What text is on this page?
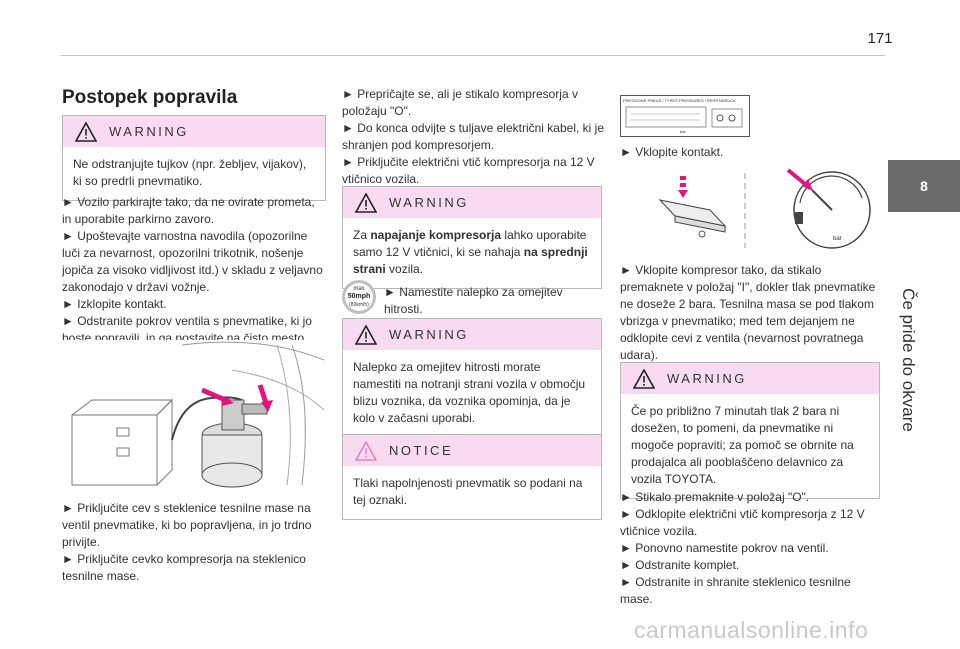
171
8
Če pride do okvare
Postopek popravila
WARNING
Ne odstranjujte tujkov (npr. žebljev, vijakov), ki so predrli pnevmatiko.

► Vozilo parkirajte tako, da ne ovirate prometa, in uporabite parkirno zavoro.

► Upoštevajte varnostna navodila (opozorilne luči za nevarnost, opozorilni trikotnik, nošenje jopiča za visoko vidljivost itd.) v skladu z veljavno zakonodajo v državi vožnje.

► Izklopite kontakt.

► Odstranite pokrov ventila s pnevmatike, ki jo boste popravili, in ga postavite na čisto mesto.

► Priključite cev s steklenice tesnilne mase na ventil pnevmatike, ki bo popravljena, in jo trdno privijte.

► Priključite cevko kompresorja na steklenico tesnilne mase.

► Prepričajte se, ali je stikalo kompresorja v položaju "O".

► Do konca odvijte s tuljave električni kabel, ki je shranjen pod kompresorjem.

► Priključite električni vtič kompresorja na 12 V vtičnico vozila.

WARNING
Za napajanje kompresorja lahko uporabite samo 12 V vtičnici, ki se nahaja na sprednji strani vozila.
max
50mph
(80km/h)

► Namestite nalepko za omejitev hitrosti.

WARNING
Nalepko za omejitev hitrosti morate namestiti na notranji strani vozila v območju blizu voznika, da voznika opominja, da je kolo v začasni uporabi.
NOTICE
Tlaki napolnjenosti pnevmatik so podani na tej oznaki.
PRESSIONS PNEUS / TYRES PRESSURES / REIFENDRUCK
bar

► Vklopite kontakt.

bar

► Vklopite kompresor tako, da stikalo premaknete v položaj "I", dokler tlak pnevmatike ne doseže 2 bara. Tesnilna masa se pod tlakom vbrizga v pnevmatiko; med tem dejanjem ne odklopite cevi z ventila (nevarnost povratnega udara).

WARNING
Če po približno 7 minutah tlak 2 bara ni dosežen, to pomeni, da pnevmatike ni mogoče popraviti; za pomoč se obrnite na prodajalca ali pooblaščeno delavnico za vozila TOYOTA.

► Stikalo premaknite v položaj "O".

► Odklopite električni vtič kompresorja z 12 V vtičnice vozila.

► Ponovno namestite pokrov na ventil.

► Odstranite komplet.

► Odstranite in shranite steklenico tesnilne mase.

carmanualsonline.info
